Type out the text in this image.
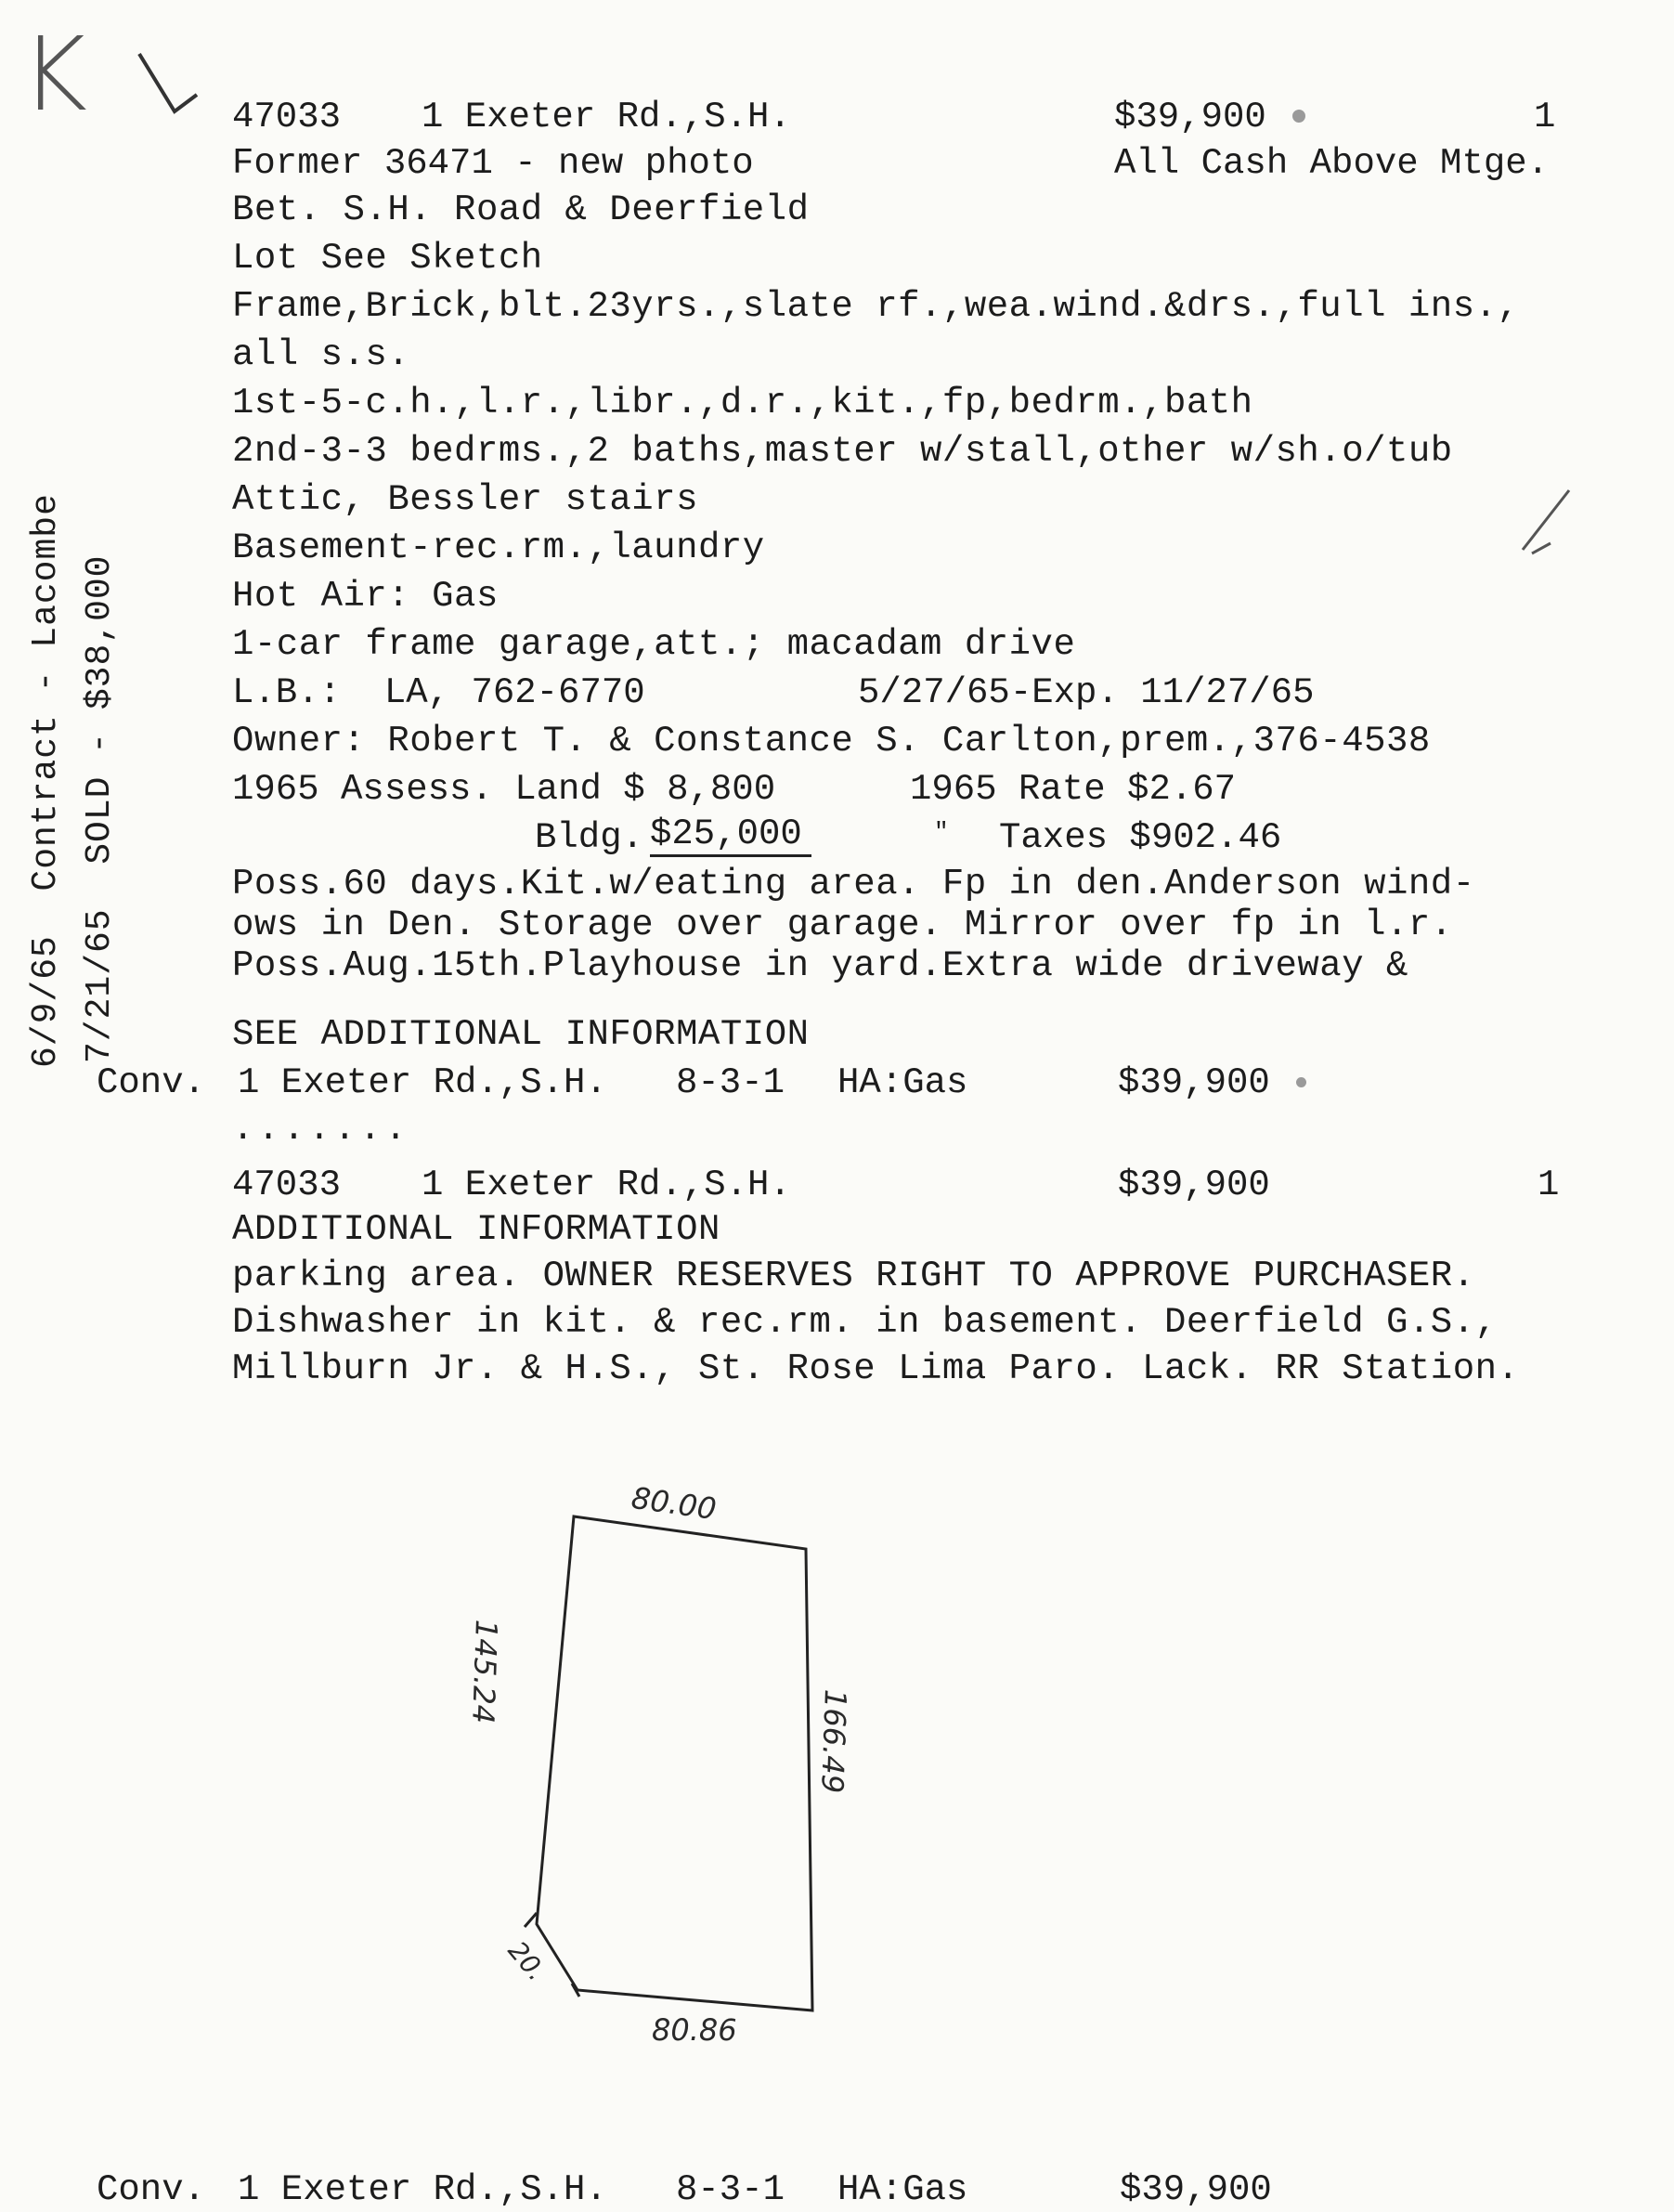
K
6/9/65  Contract - Lacombe 7/21/65  SOLD - $38,000
47033 1 Exeter Rd.,S.H.	$39,900	1
Former 36471 - new photo	All Cash Above Mtge.
Bet. S.H. Road & Deerfield
Lot See Sketch
Frame,Brick,blt.23yrs.,slate rf.,wea.wind.&drs.,full ins.,
all s.s.
1st-5-c.h.,l.r.,libr.,d.r.,kit.,fp,bedrm.,bath
2nd-3-3 bedrms.,2 baths,master w/stall,other w/sh.o/tub
Attic, Bessler stairs
Basement-rec.rm.,laundry
Hot Air: Gas
1-car frame garage,att.; macadam drive
L.B.:  LA, 762-6770	5/27/65-Exp. 11/27/65
Owner: Robert T. & Constance S. Carlton,prem.,376-4538
1965 Assess. Land $ 8,800	1965 Rate $2.67
Bldg. $25,000	" Taxes $902.46
Poss.60 days.Kit.w/eating area. Fp in den.Anderson wind-
ows in Den. Storage over garage. Mirror over fp in l.r.
Poss.Aug.15th.Playhouse in yard.Extra wide driveway &
SEE ADDITIONAL INFORMATION
Conv. 1 Exeter Rd.,S.H. 8-3-1 HA:Gas	$39,900
.......
47033 1 Exeter Rd.,S.H.	$39,900	1
ADDITIONAL INFORMATION
parking area. OWNER RESERVES RIGHT TO APPROVE PURCHASER.
Dishwasher in kit. & rec.rm. in basement. Deerfield G.S.,
Millburn Jr. & H.S., St. Rose Lima Paro. Lack. RR Station.
80.00
145.24
166.49
20.
80.86
Conv. 1 Exeter Rd.,S.H. 8-3-1 HA:Gas	$39,900
